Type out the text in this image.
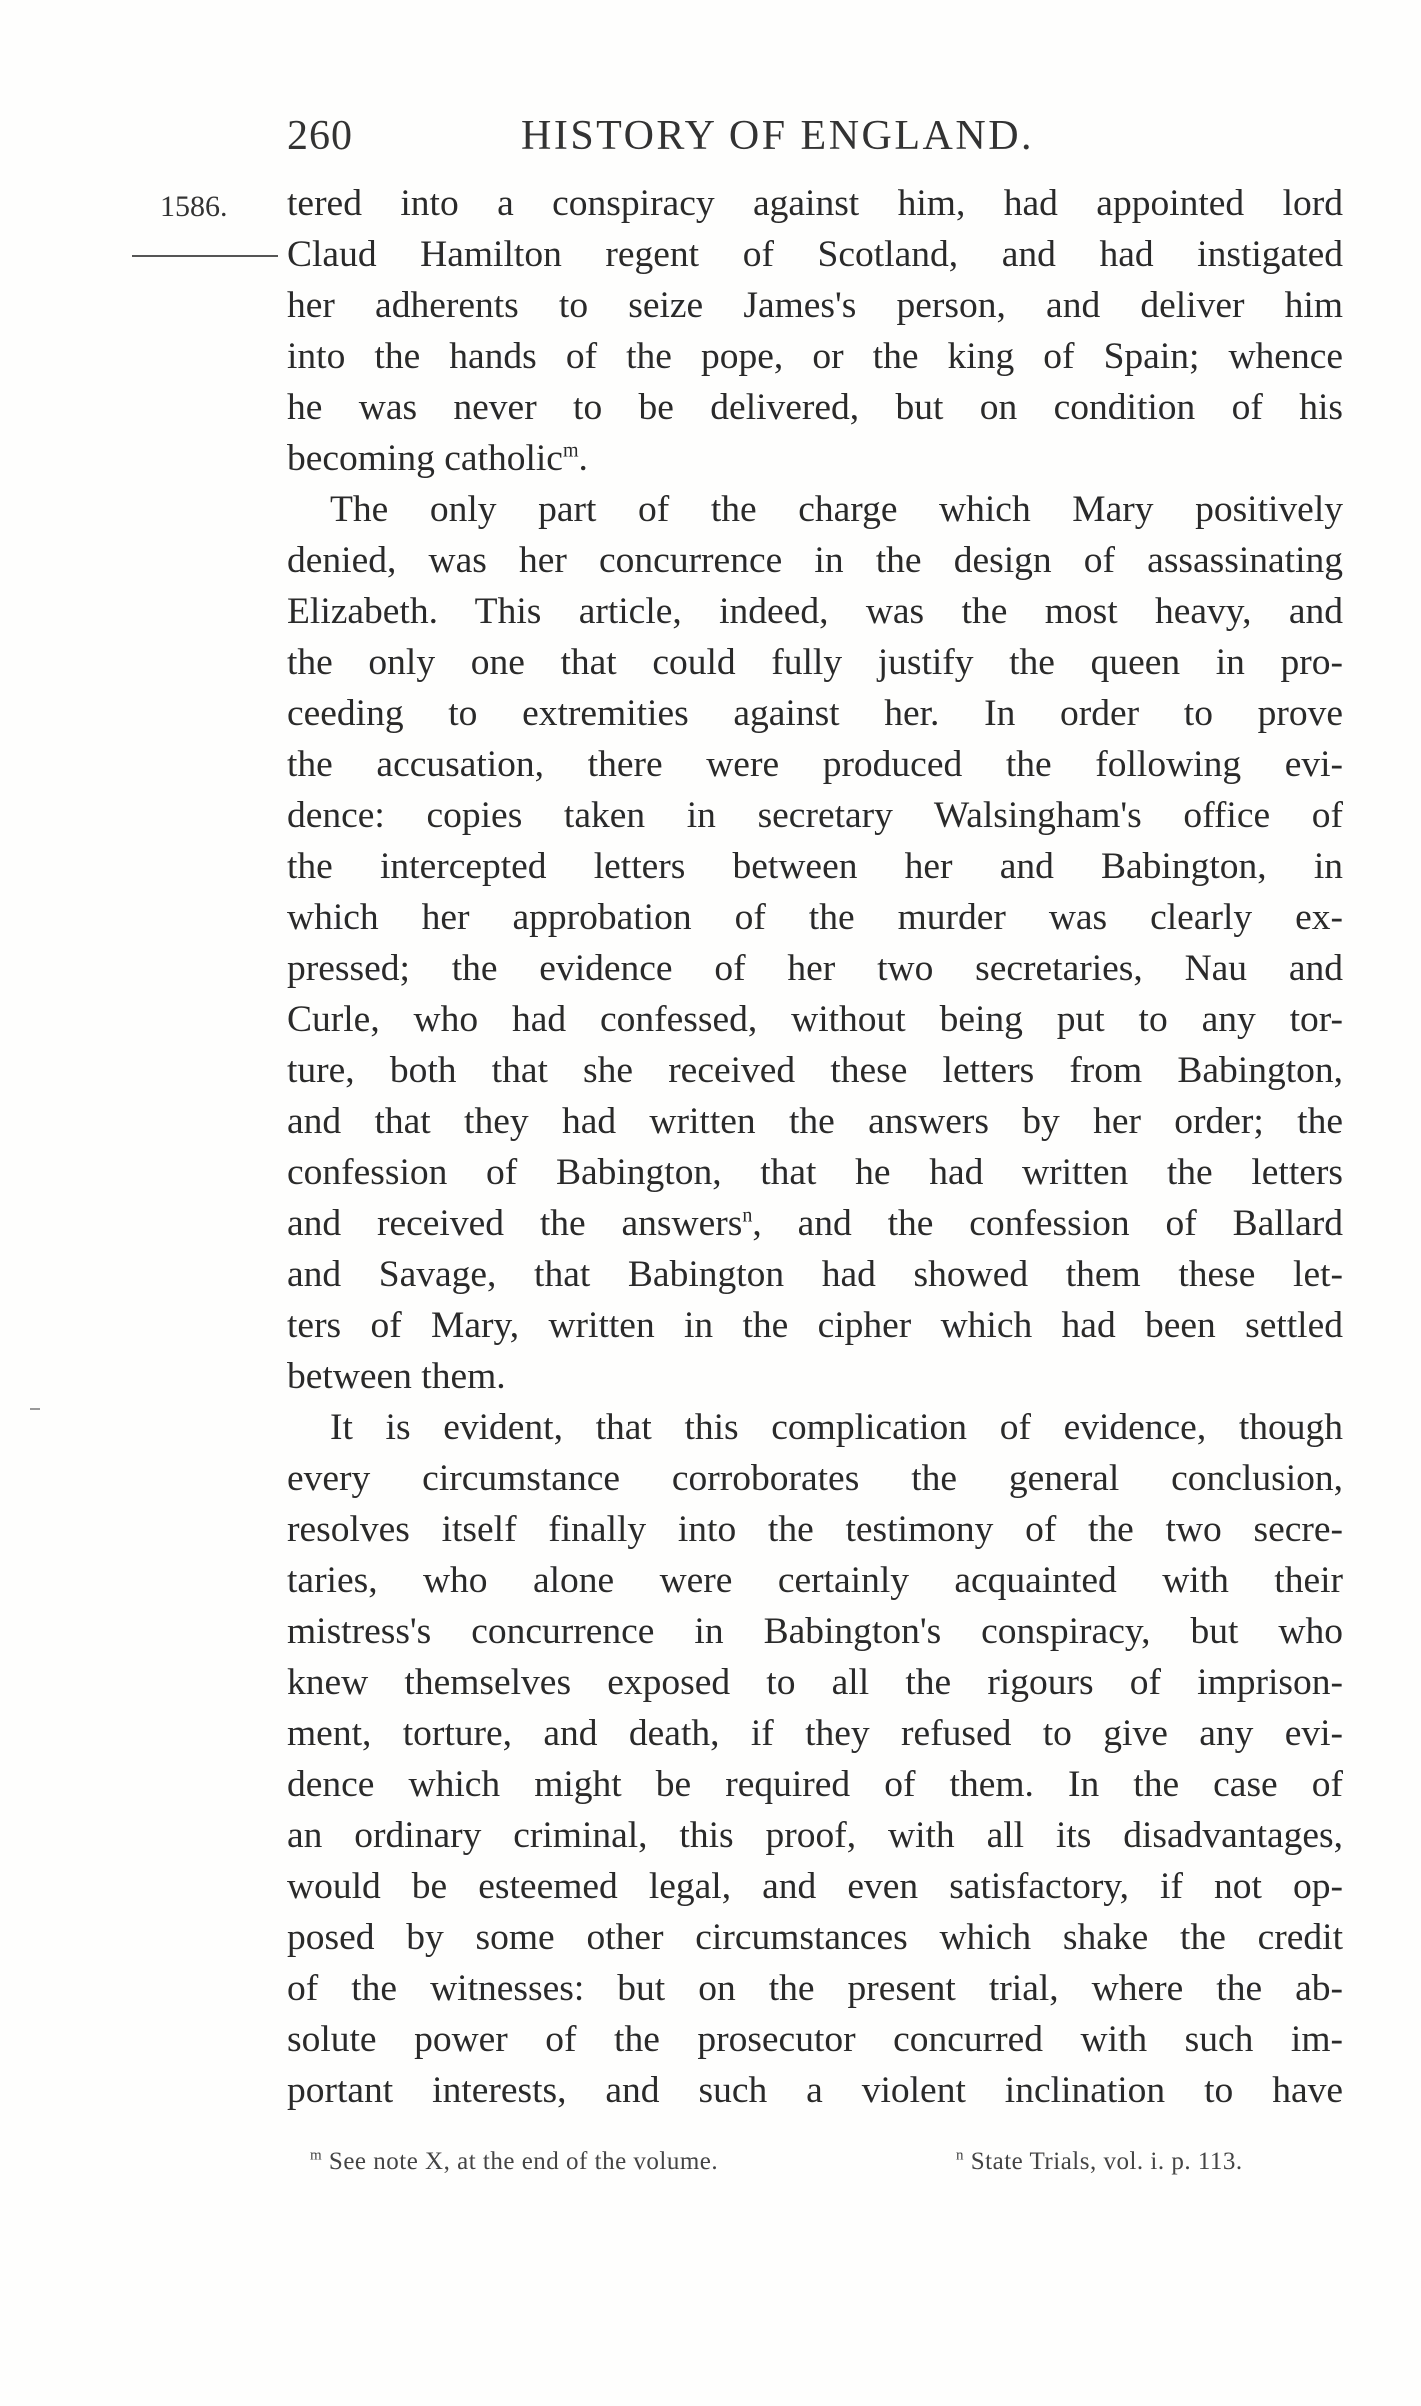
260	HISTORY OF ENGLAND.
1586. tered into a conspiracy against him, had appointed lord
Claud Hamilton regent of Scotland, and had instigated
her adherents to seize James's person, and deliver him
into the hands of the pope, or the king of Spain; whence
he was never to be delivered, but on condition of his
becoming catholic$^m$.
The only part of the charge which Mary positively
denied, was her concurrence in the design of assassinating
Elizabeth. This article, indeed, was the most heavy, and
the only one that could fully justify the queen in pro-
ceeding to extremities against her. In order to prove
the accusation, there were produced the following evi-
dence: copies taken in secretary Walsingham's office of
the intercepted letters between her and Babington, in
which her approbation of the murder was clearly ex-
pressed; the evidence of her two secretaries, Nau and
Curle, who had confessed, without being put to any tor-
ture, both that she received these letters from Babington,
and that they had written the answers by her order; the
confession of Babington, that he had written the letters
and received the answers$^n$, and the confession of Ballard
and Savage, that Babington had showed them these let-
ters of Mary, written in the cipher which had been settled
between them.
It is evident, that this complication of evidence, though
every circumstance corroborates the general conclusion,
resolves itself finally into the testimony of the two secre-
taries, who alone were certainly acquainted with their
mistress's concurrence in Babington's conspiracy, but who
knew themselves exposed to all the rigours of imprison-
ment, torture, and death, if they refused to give any evi-
dence which might be required of them. In the case of
an ordinary criminal, this proof, with all its disadvantages,
would be esteemed legal, and even satisfactory, if not op-
posed by some other circumstances which shake the credit
of the witnesses: but on the present trial, where the ab-
solute power of the prosecutor concurred with such im-
portant interests, and such a violent inclination to have
$^m$ See note X, at the end of the volume.	$^n$ State Trials, vol. i. p. 113.
